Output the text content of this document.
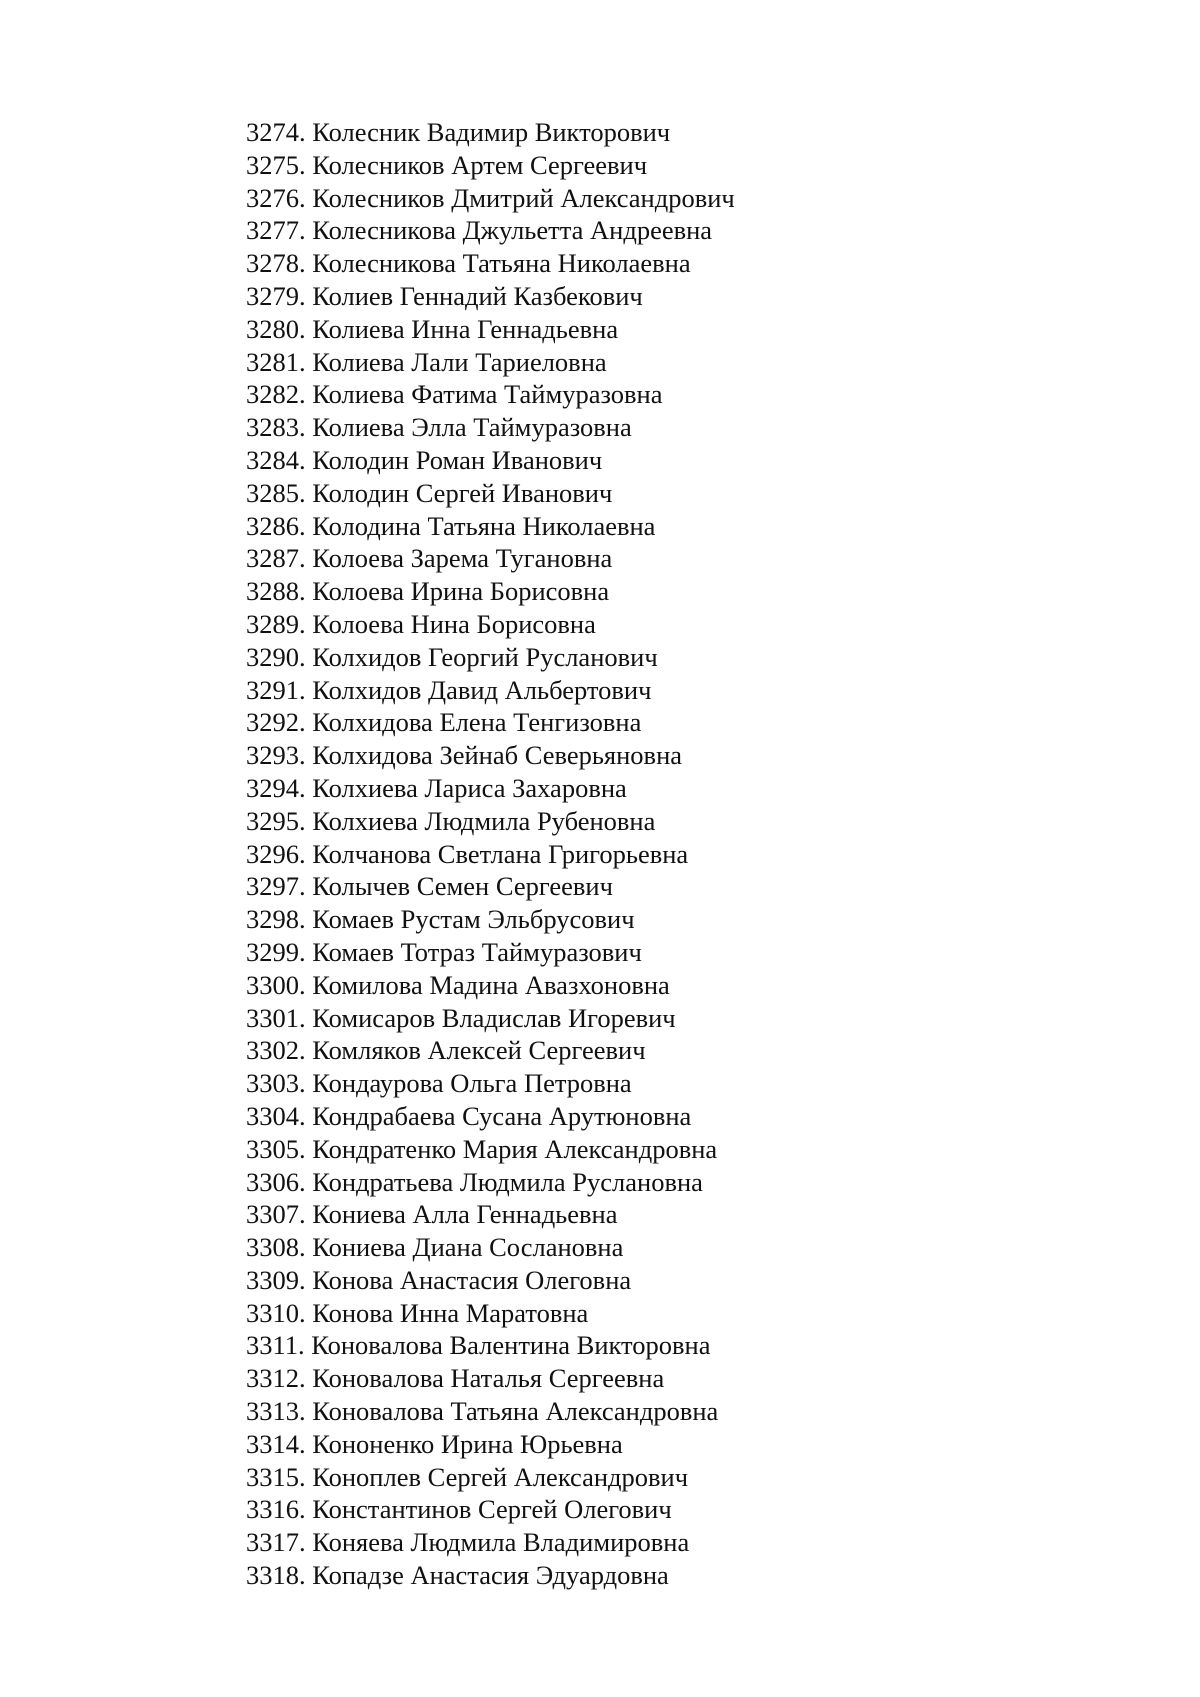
3274. Колесник Вадимир Викторович
3275. Колесников Артем Сергеевич
3276. Колесников Дмитрий Александрович
3277. Колесникова Джульетта Андреевна
3278. Колесникова Татьяна Николаевна
3279. Колиев Геннадий Казбекович
3280. Колиева Инна Геннадьевна
3281. Колиева Лали Тариеловна
3282. Колиева Фатима Таймуразовна
3283. Колиева Элла Таймуразовна
3284. Колодин Роман Иванович
3285. Колодин Сергей Иванович
3286. Колодина Татьяна Николаевна
3287. Колоева Зарема Тугановна
3288. Колоева Ирина Борисовна
3289. Колоева Нина Борисовна
3290. Колхидов Георгий Русланович
3291. Колхидов Давид Альбертович
3292. Колхидова Елена Тенгизовна
3293. Колхидова Зейнаб Северьяновна
3294. Колхиева Лариса Захаровна
3295. Колхиева Людмила Рубеновна
3296. Колчанова Светлана Григорьевна
3297. Колычев Семен Сергеевич
3298. Комаев Рустам Эльбрусович
3299. Комаев Тотраз Таймуразович
3300. Комилова Мадина Авазхоновна
3301. Комисаров Владислав Игоревич
3302. Комляков Алексей Сергеевич
3303. Кондаурова Ольга Петровна
3304. Кондрабаева Сусана Арутюновна
3305. Кондратенко Мария Александровна
3306. Кондратьева Людмила Руслановна
3307. Кониева Алла Геннадьевна
3308. Кониева Диана Сослановна
3309. Конова Анастасия Олеговна
3310. Конова Инна Маратовна
3311. Коновалова Валентина Викторовна
3312. Коновалова Наталья Сергеевна
3313. Коновалова Татьяна Александровна
3314. Кононенко Ирина Юрьевна
3315. Коноплев Сергей Александрович
3316. Константинов Сергей Олегович
3317. Коняева Людмила Владимировна
3318. Копадзе Анастасия Эдуардовна
